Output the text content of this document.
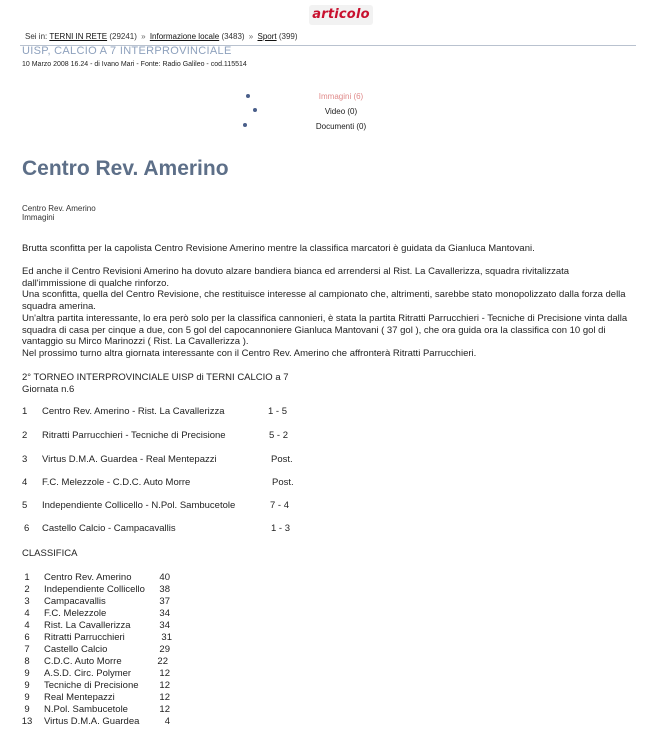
articolo
Sei in: TERNI IN RETE (29241) » Informazione locale (3483) » Sport (399)
UISP, CALCIO A 7 INTERPROVINCIALE
10 Marzo 2008 16.24 - di Ivano Mari - Fonte: Radio Galileo - cod.115514
Immagini (6)
Video (0)
Documenti (0)
Centro Rev. Amerino
Centro Rev. Amerino
Immagini

Brutta sconfitta per la capolista Centro Revisione Amerino mentre la classifica marcatori è guidata da Gianluca Mantovani.

Ed anche il Centro Revisioni Amerino ha dovuto alzare bandiera bianca ed arrendersi al Rist. La Cavallerizza, squadra rivitalizzata dall'immissione di qualche rinforzo.

Una sconfitta, quella del Centro Revisione, che restituisce interesse al campionato che, altrimenti, sarebbe stato monopolizzato dalla forza della squadra amerina.

Un'altra partita interessante, lo era però solo per la classifica cannonieri, è stata la partita Ritratti Parrucchieri - Tecniche di Precisione vinta dalla squadra di casa per cinque a due, con 5 gol del capocannoniere Gianluca Mantovani ( 37 gol ), che ora guida ora la classifica con 10 gol di vantaggio su Mirco Marinozzi ( Rist. La Cavallerizza ).

Nel prossimo turno altra giornata interessante con il Centro Rev. Amerino che affronterà Ritratti Parrucchieri.

2° TORNEO INTERPROVINCIALE UISP di TERNI CALCIO a 7
Giornata n.6
1 Centro Rev. Amerino - Rist. La Cavallerizza	1 - 5
2 Ritratti Parrucchieri - Tecniche di Precisione	5 - 2
3 Virtus D.M.A. Guardea - Real Mentepazzi	Post.
4 F.C. Melezzole - C.D.C. Auto Morre	Post.
5 Independiente Collicello - N.Pol. Sambucetole	7 - 4
6 Castello Calcio - Campacavallis	1 - 3
CLASSIFICA
1	Centro Rev. Amerino	40
2	Independiente Collicello	38
3	Campacavallis	37
4	F.C. Melezzole	34
4	Rist. La Cavallerizza	34
6	Ritratti Parrucchieri	31
7	Castello Calcio	29
8	C.D.C. Auto Morre	22
9	A.S.D. Circ. Polymer	12
9	Tecniche di Precisione	12
9	Real Mentepazzi	12
9	N.Pol. Sambucetole	12
13 Virtus D.M.A. Guardea	4
